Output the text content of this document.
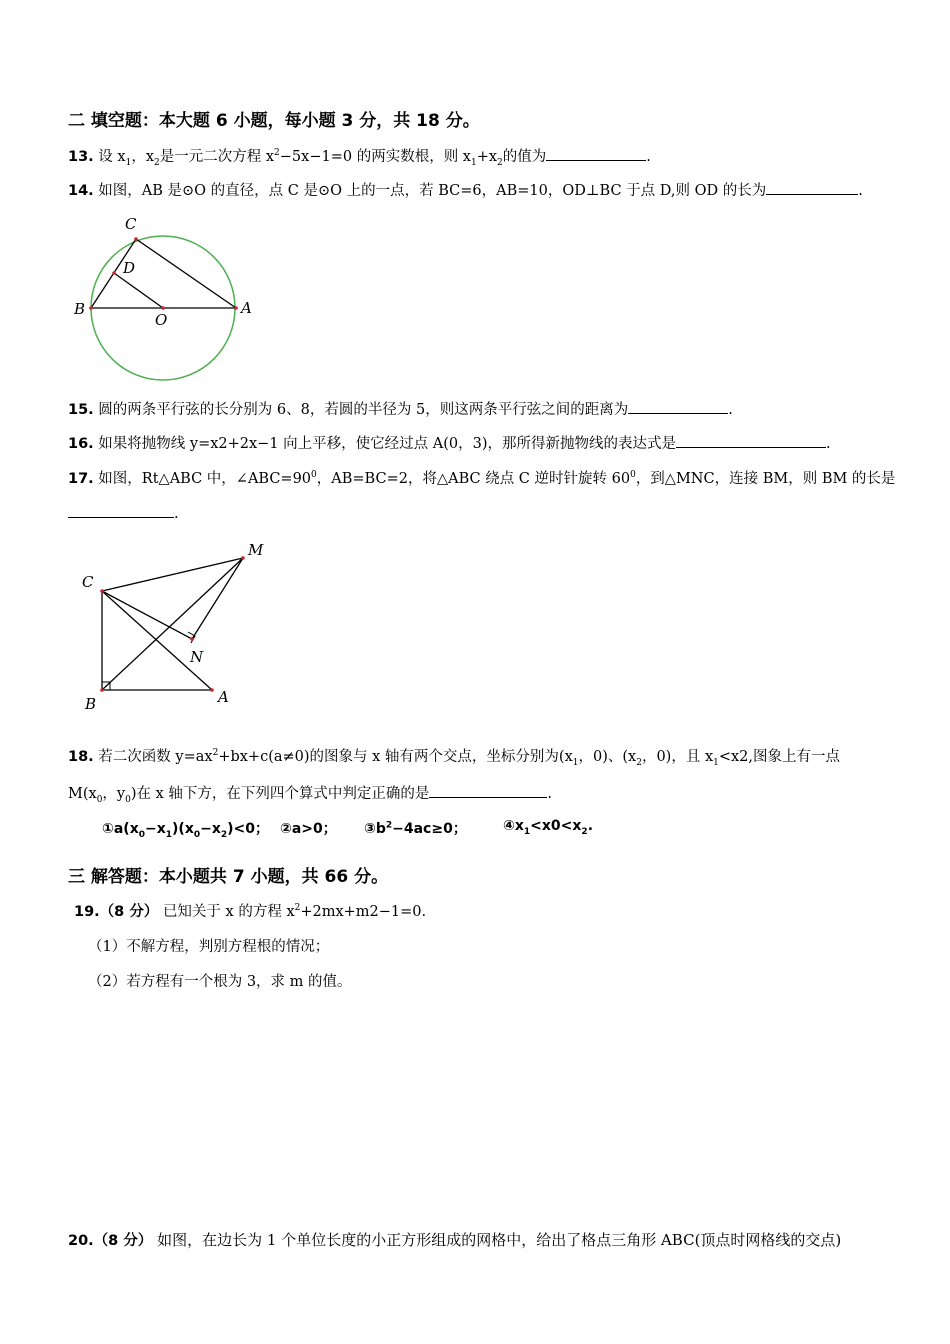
二 填空题：本大题 6 小题，每小题 3 分，共 18 分。
13. 设 $x_1$，$x_2$是一元二次方程 $x^2-5x-1=0$ 的两实数根，则 $x_1+x_2$的值为	.
14. 如图，AB 是⊙O 的直径，点 C 是⊙O 上的一点，若 BC=6，AB=10，OD⊥BC 于点 D,则 OD 的长为	.
C
D
B
O
A
15. 圆的两条平行弦的长分别为 6、8，若圆的半径为 5，则这两条平行弦之间的距离为	.
16. 如果将抛物线 y=x2+2x−1 向上平移，使它经过点 A(0，3)，那所得新抛物线的表达式是	.
17. 如图，Rt△ABC 中，$\angle ABC=90^0$，AB=BC=2，将△ABC 绕点 C 逆时针旋转 $60^0$，到△MNC，连接 BM，则 BM 的长是
.
M
C
N
B	A
18. 若二次函数 $y=ax^2+bx+c(a\ne 0)$的图象与 x 轴有两个交点，坐标分别为($x_1$，0)、($x_2$，0)，且 $x_1<x2$,图象上有一点
$M(x_0$，$y_0$)在 x 轴下方，在下列四个算式中判定正确的是	.
$①a(x_0-x_1)(x_0-x_2)<0$； ②a>0； $③b^2-4ac\ge 0$；	$④x_1<x0<x_2$.
三 解答题：本小题共 7 小题，共 66 分。
19.（8 分） 已知关于 x 的方程 $x^2+2mx+m2-1=0$.
（1）不解方程，判别方程根的情况；
（2）若方程有一个根为 3，求 m 的值。
20.（8 分） 如图，在边长为 1 个单位长度的小正方形组成的网格中，给出了格点三角形 ABC(顶点时网格线的交点)
